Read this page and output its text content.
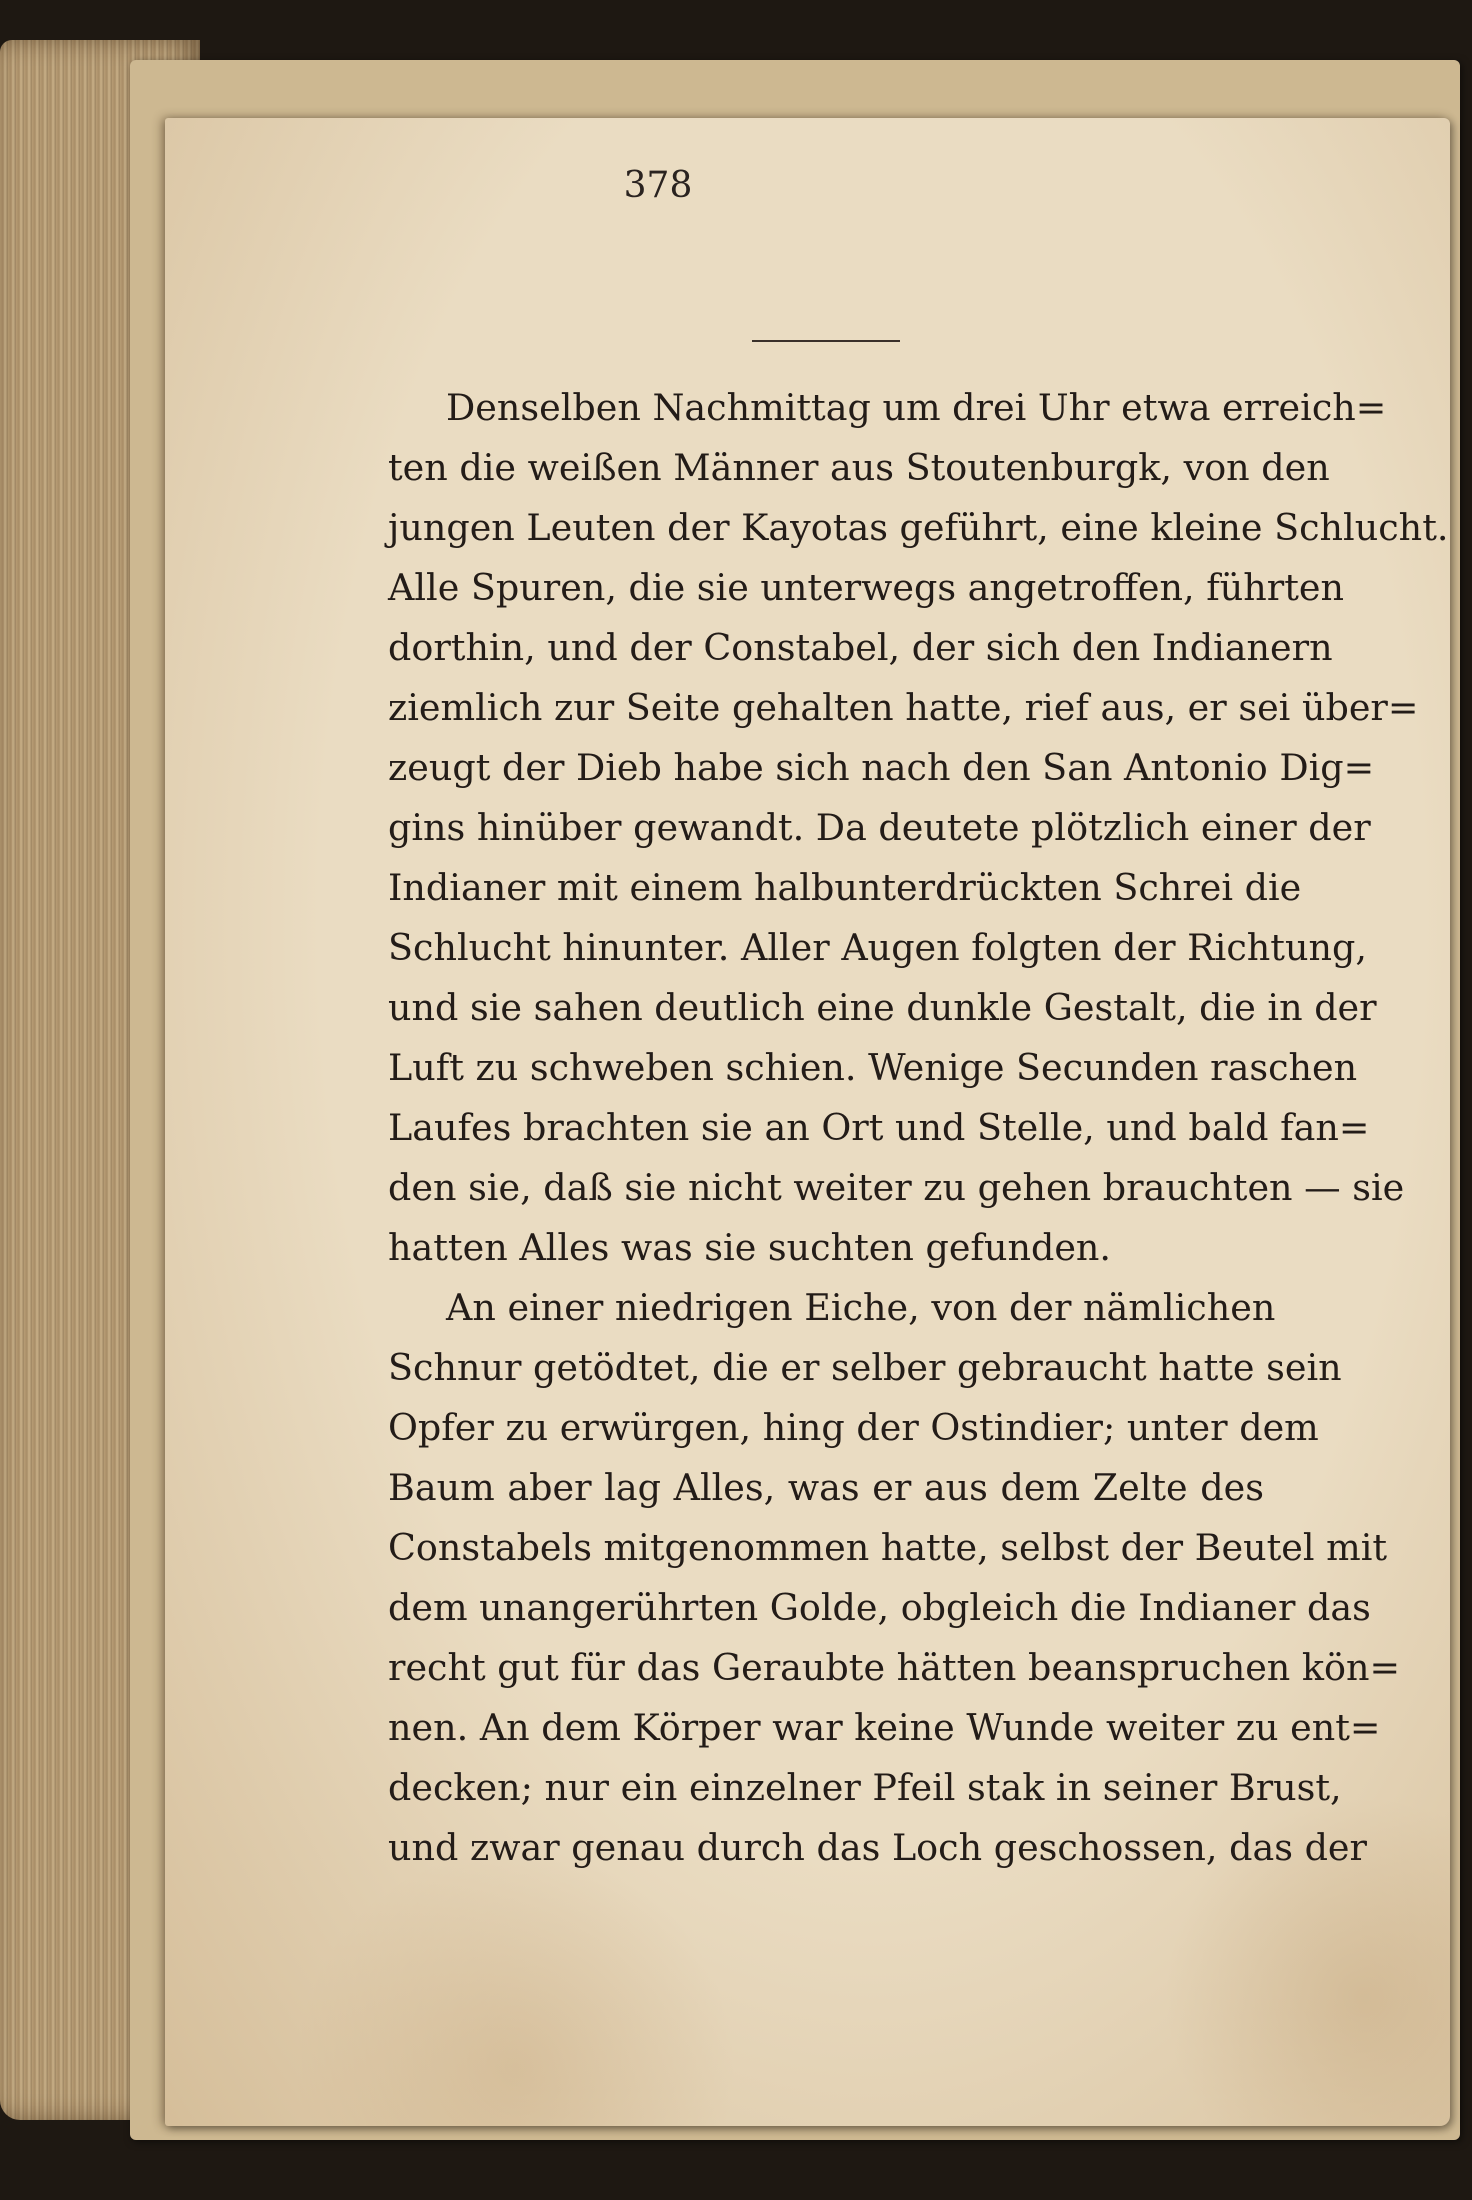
378

Denselben Nachmittag um drei Uhr etwa erreich=
ten die weißen Männer aus Stoutenburgk, von den
jungen Leuten der Kayotas geführt, eine kleine Schlucht.
Alle Spuren, die sie unterwegs angetroffen, führten
dorthin, und der Constabel, der sich den Indianern
ziemlich zur Seite gehalten hatte, rief aus, er sei über=
zeugt der Dieb habe sich nach den San Antonio Dig=
gins hinüber gewandt. Da deutete plötzlich einer der
Indianer mit einem halbunterdrückten Schrei die
Schlucht hinunter. Aller Augen folgten der Richtung,
und sie sahen deutlich eine dunkle Gestalt, die in der
Luft zu schweben schien. Wenige Secunden raschen
Laufes brachten sie an Ort und Stelle, und bald fan=
den sie, daß sie nicht weiter zu gehen brauchten — sie
hatten Alles was sie suchten gefunden.

An einer niedrigen Eiche, von der nämlichen
Schnur getödtet, die er selber gebraucht hatte sein
Opfer zu erwürgen, hing der Ostindier; unter dem
Baum aber lag Alles, was er aus dem Zelte des
Constabels mitgenommen hatte, selbst der Beutel mit
dem unangerührten Golde, obgleich die Indianer das
recht gut für das Geraubte hätten beanspruchen kön=
nen. An dem Körper war keine Wunde weiter zu ent=
decken; nur ein einzelner Pfeil stak in seiner Brust,
und zwar genau durch das Loch geschossen, das der
